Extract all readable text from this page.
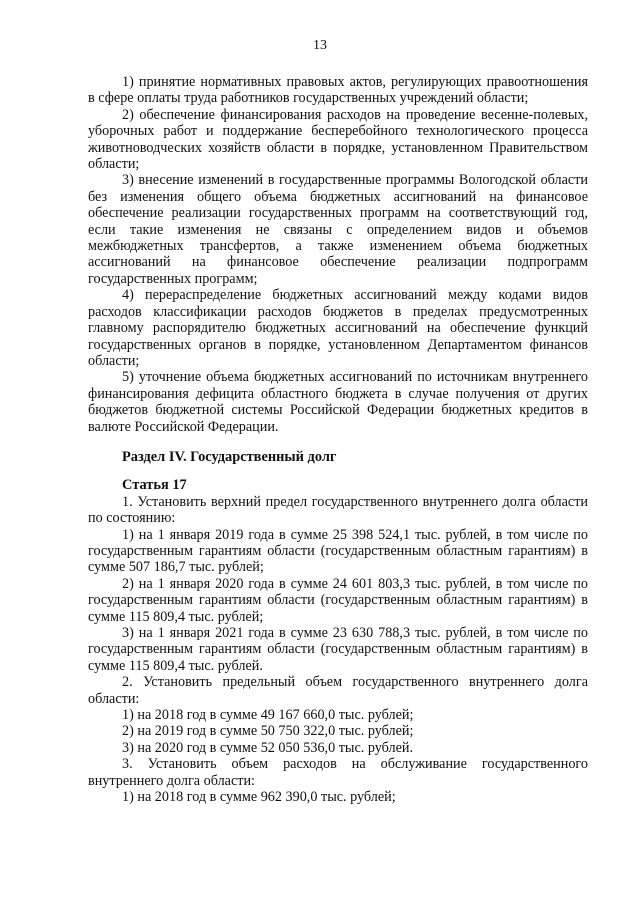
13

1) принятие нормативных правовых актов, регулирующих правоотношения в сфере оплаты труда работников государственных учреждений области;

2) обеспечение финансирования расходов на проведение весенне-полевых, уборочных работ и поддержание бесперебойного технологического процесса животноводческих хозяйств области в порядке, установленном Правительством области;

3) внесение изменений в государственные программы Вологодской области без изменения общего объема бюджетных ассигнований на финансовое обеспечение реализации государственных программ на соответствующий год, если такие изменения не связаны с определением видов и объемов межбюджетных трансфертов, а также изменением объема бюджетных ассигнований на финансовое обеспечение реализации подпрограмм государственных программ;

4) перераспределение бюджетных ассигнований между кодами видов расходов классификации расходов бюджетов в пределах предусмотренных главному распорядителю бюджетных ассигнований на обеспечение функций государственных органов в порядке, установленном Департаментом финансов области;

5) уточнение объема бюджетных ассигнований по источникам внутреннего финансирования дефицита областного бюджета в случае получения от других бюджетов бюджетной системы Российской Федерации бюджетных кредитов в валюте Российской Федерации.

Раздел IV. Государственный долг

Статья 17

1. Установить верхний предел государственного внутреннего долга области по состоянию:

1) на 1 января 2019 года в сумме 25 398 524,1 тыс. рублей, в том числе по государственным гарантиям области (государственным областным гарантиям) в сумме 507 186,7 тыс. рублей;

2) на 1 января 2020 года в сумме 24 601 803,3 тыс. рублей, в том числе по государственным гарантиям области (государственным областным гарантиям) в сумме 115 809,4 тыс. рублей;

3) на 1 января 2021 года в сумме 23 630 788,3 тыс. рублей, в том числе по государственным гарантиям области (государственным областным гарантиям) в сумме 115 809,4 тыс. рублей.

2. Установить предельный объем государственного внутреннего долга области:

1) на 2018 год в сумме 49 167 660,0 тыс. рублей;

2) на 2019 год в сумме 50 750 322,0 тыс. рублей;

3) на 2020 год в сумме 52 050 536,0 тыс. рублей.

3. Установить объем расходов на обслуживание государственного внутреннего долга области:

1) на 2018 год в сумме 962 390,0 тыс. рублей;
